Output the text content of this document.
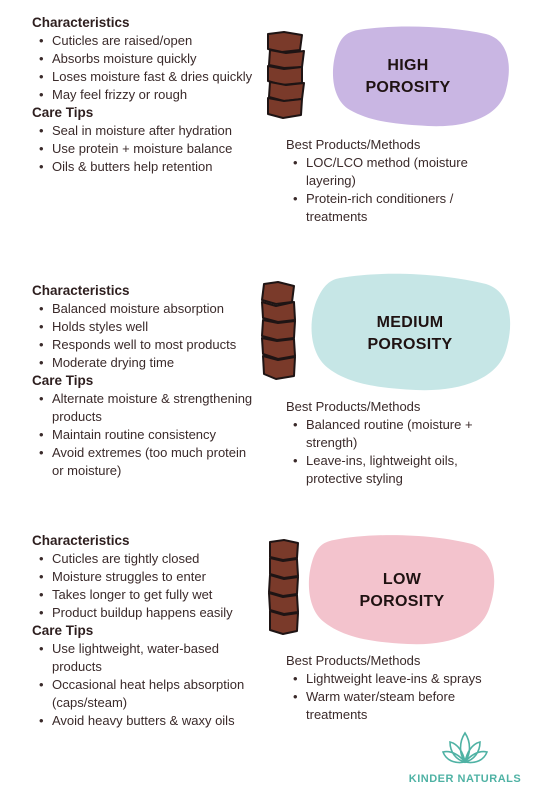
Characteristics

• Cuticles are raised/open
• Absorbs moisture quickly
• Loses moisture fast & dries quickly
• May feel frizzy or rough

Care Tips

• Seal in moisture after hydration
• Use protein + moisture balance
• Oils & butters help retention
HIGH
POROSITY

Best Products/Methods

• LOC/LCO method (moisture layering)
• Protein-rich conditioners / treatments

Characteristics

• Balanced moisture absorption
• Holds styles well
• Responds well to most products
• Moderate drying time

Care Tips

• Alternate moisture & strengthening products
• Maintain routine consistency
• Avoid extremes (too much protein or moisture)
MEDIUM
POROSITY

Best Products/Methods

• Balanced routine (moisture + strength)
• Leave-ins, lightweight oils, protective styling

Characteristics

• Cuticles are tightly closed
• Moisture struggles to enter
• Takes longer to get fully wet
• Product buildup happens easily

Care Tips

• Use lightweight, water-based products
• Occasional heat helps absorption (caps/steam)
• Avoid heavy butters & waxy oils
LOW
POROSITY

Best Products/Methods

• Lightweight leave-ins & sprays
• Warm water/steam before treatments
KINDER NATURALS
